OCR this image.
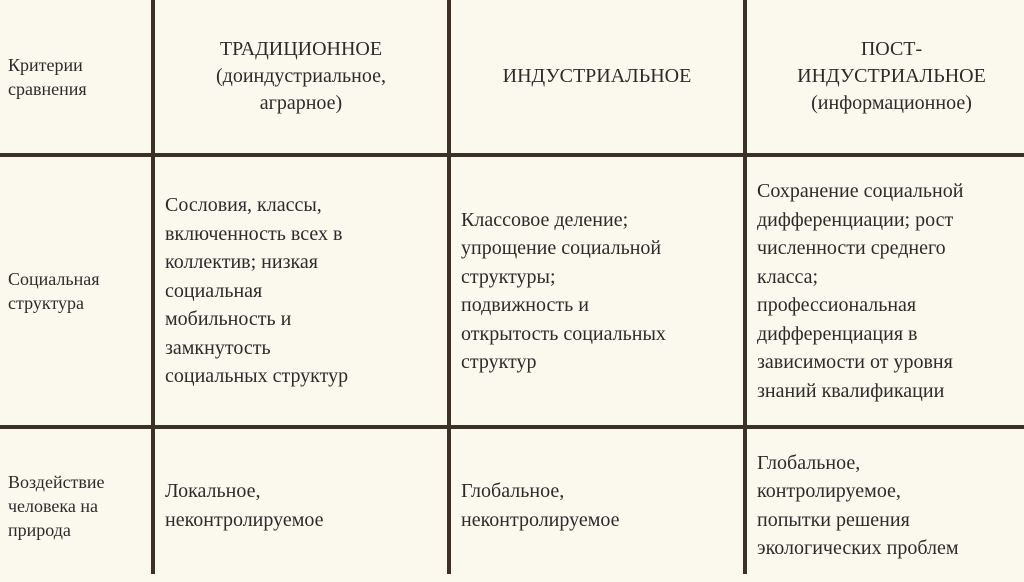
Критерии
сравнения
ТРАДИЦИОННОЕ
(доиндустриальное,
аграрное)
ИНДУСТРИАЛЬНОЕ
ПОСТ-
ИНДУСТРИАЛЬНОЕ
(информационное)
Социальная
структура
Сословия, классы,
включенность всех в
коллектив; низкая
социальная
мобильность и
замкнутость
социальных структур
Классовое деление;
упрощение социальной
структуры;
подвижность и
открытость социальных
структур
Сохранение социальной
дифференциации; рост
численности среднего
класса;
профессиональная
дифференциация в
зависимости от уровня
знаний квалификации
Воздействие
человека на
природа
Локальное,
неконтролируемое
Глобальное,
неконтролируемое
Глобальное,
контролируемое,
попытки решения
экологических проблем
